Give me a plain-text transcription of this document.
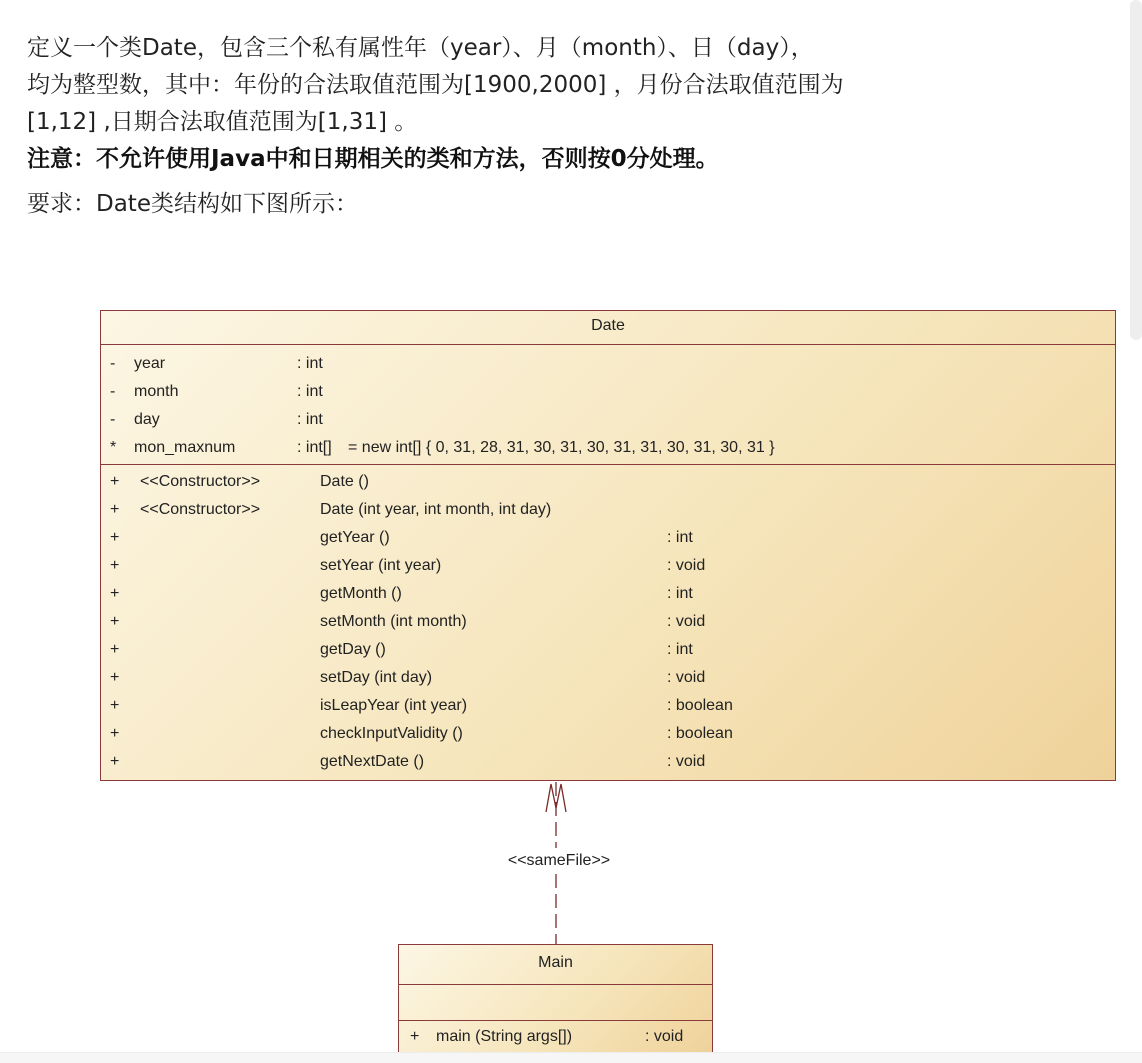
定义一个类Date，包含三个私有属性年（year）、月（month）、日（day），

均为整型数，其中：年份的合法取值范围为[1900,2000] ，月份合法取值范围为

[1,12] ,日期合法取值范围为[1,31] 。

注意：不允许使用Java中和日期相关的类和方法，否则按0分处理。

要求：Date类结构如下图所示：

Date
- year	: int
- month	: int
- day	: int
* mon_maxnum	: int[] = new int[] { 0, 31, 28, 31, 30, 31, 30, 31, 31, 30, 31, 30, 31 }
+ <<Constructor>>	Date ()
+ <<Constructor>>	Date (int year, int month, int day)
+	getYear ()	: int
+	setYear (int year)	: void
+	getMonth ()	: int
+	setMonth (int month)	: void
+	getDay ()	: int
+	setDay (int day)	: void
+	isLeapYear (int year)	: boolean
+	checkInputValidity ()	: boolean
+	getNextDate ()	: void
<<sameFile>>
Main
+ main (String args[])	: void
